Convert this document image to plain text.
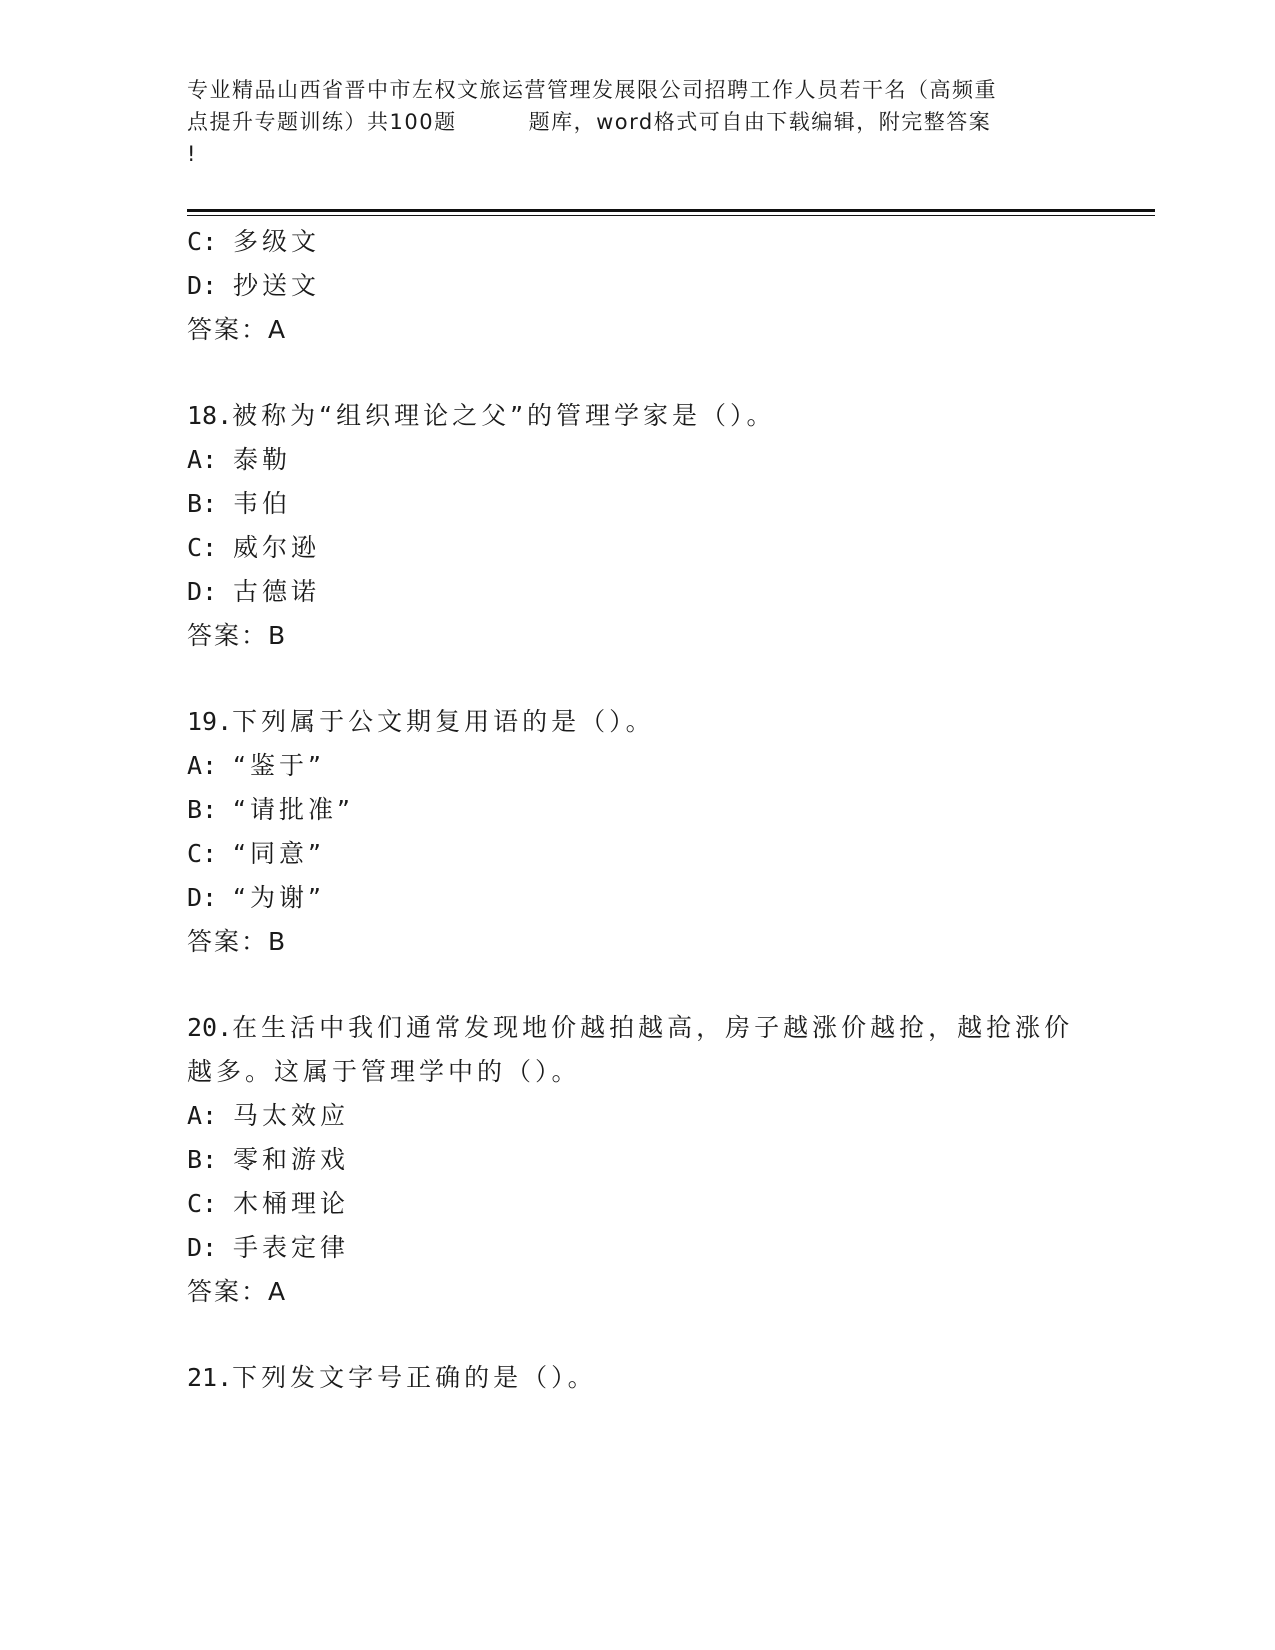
专业精品山西省晋中市左权文旅运营管理发展限公司招聘工作人员若干名（高频重
点提升专题训练）共100题	题库，word格式可自由下载编辑，附完整答案
!
C: 多级文
D: 抄送文
答案：A
18.被称为“组织理论之父”的管理学家是（）。
A: 泰勒
B: 韦伯
C: 威尔逊
D: 古德诺
答案：B
19.下列属于公文期复用语的是（）。
A: “鉴于”
B: “请批准”
C: “同意”
D: “为谢”
答案：B
20.在生活中我们通常发现地价越拍越高，房子越涨价越抢，越抢涨价
越多。这属于管理学中的（）。
A: 马太效应
B: 零和游戏
C: 木桶理论
D: 手表定律
答案：A
21.下列发文字号正确的是（）。
